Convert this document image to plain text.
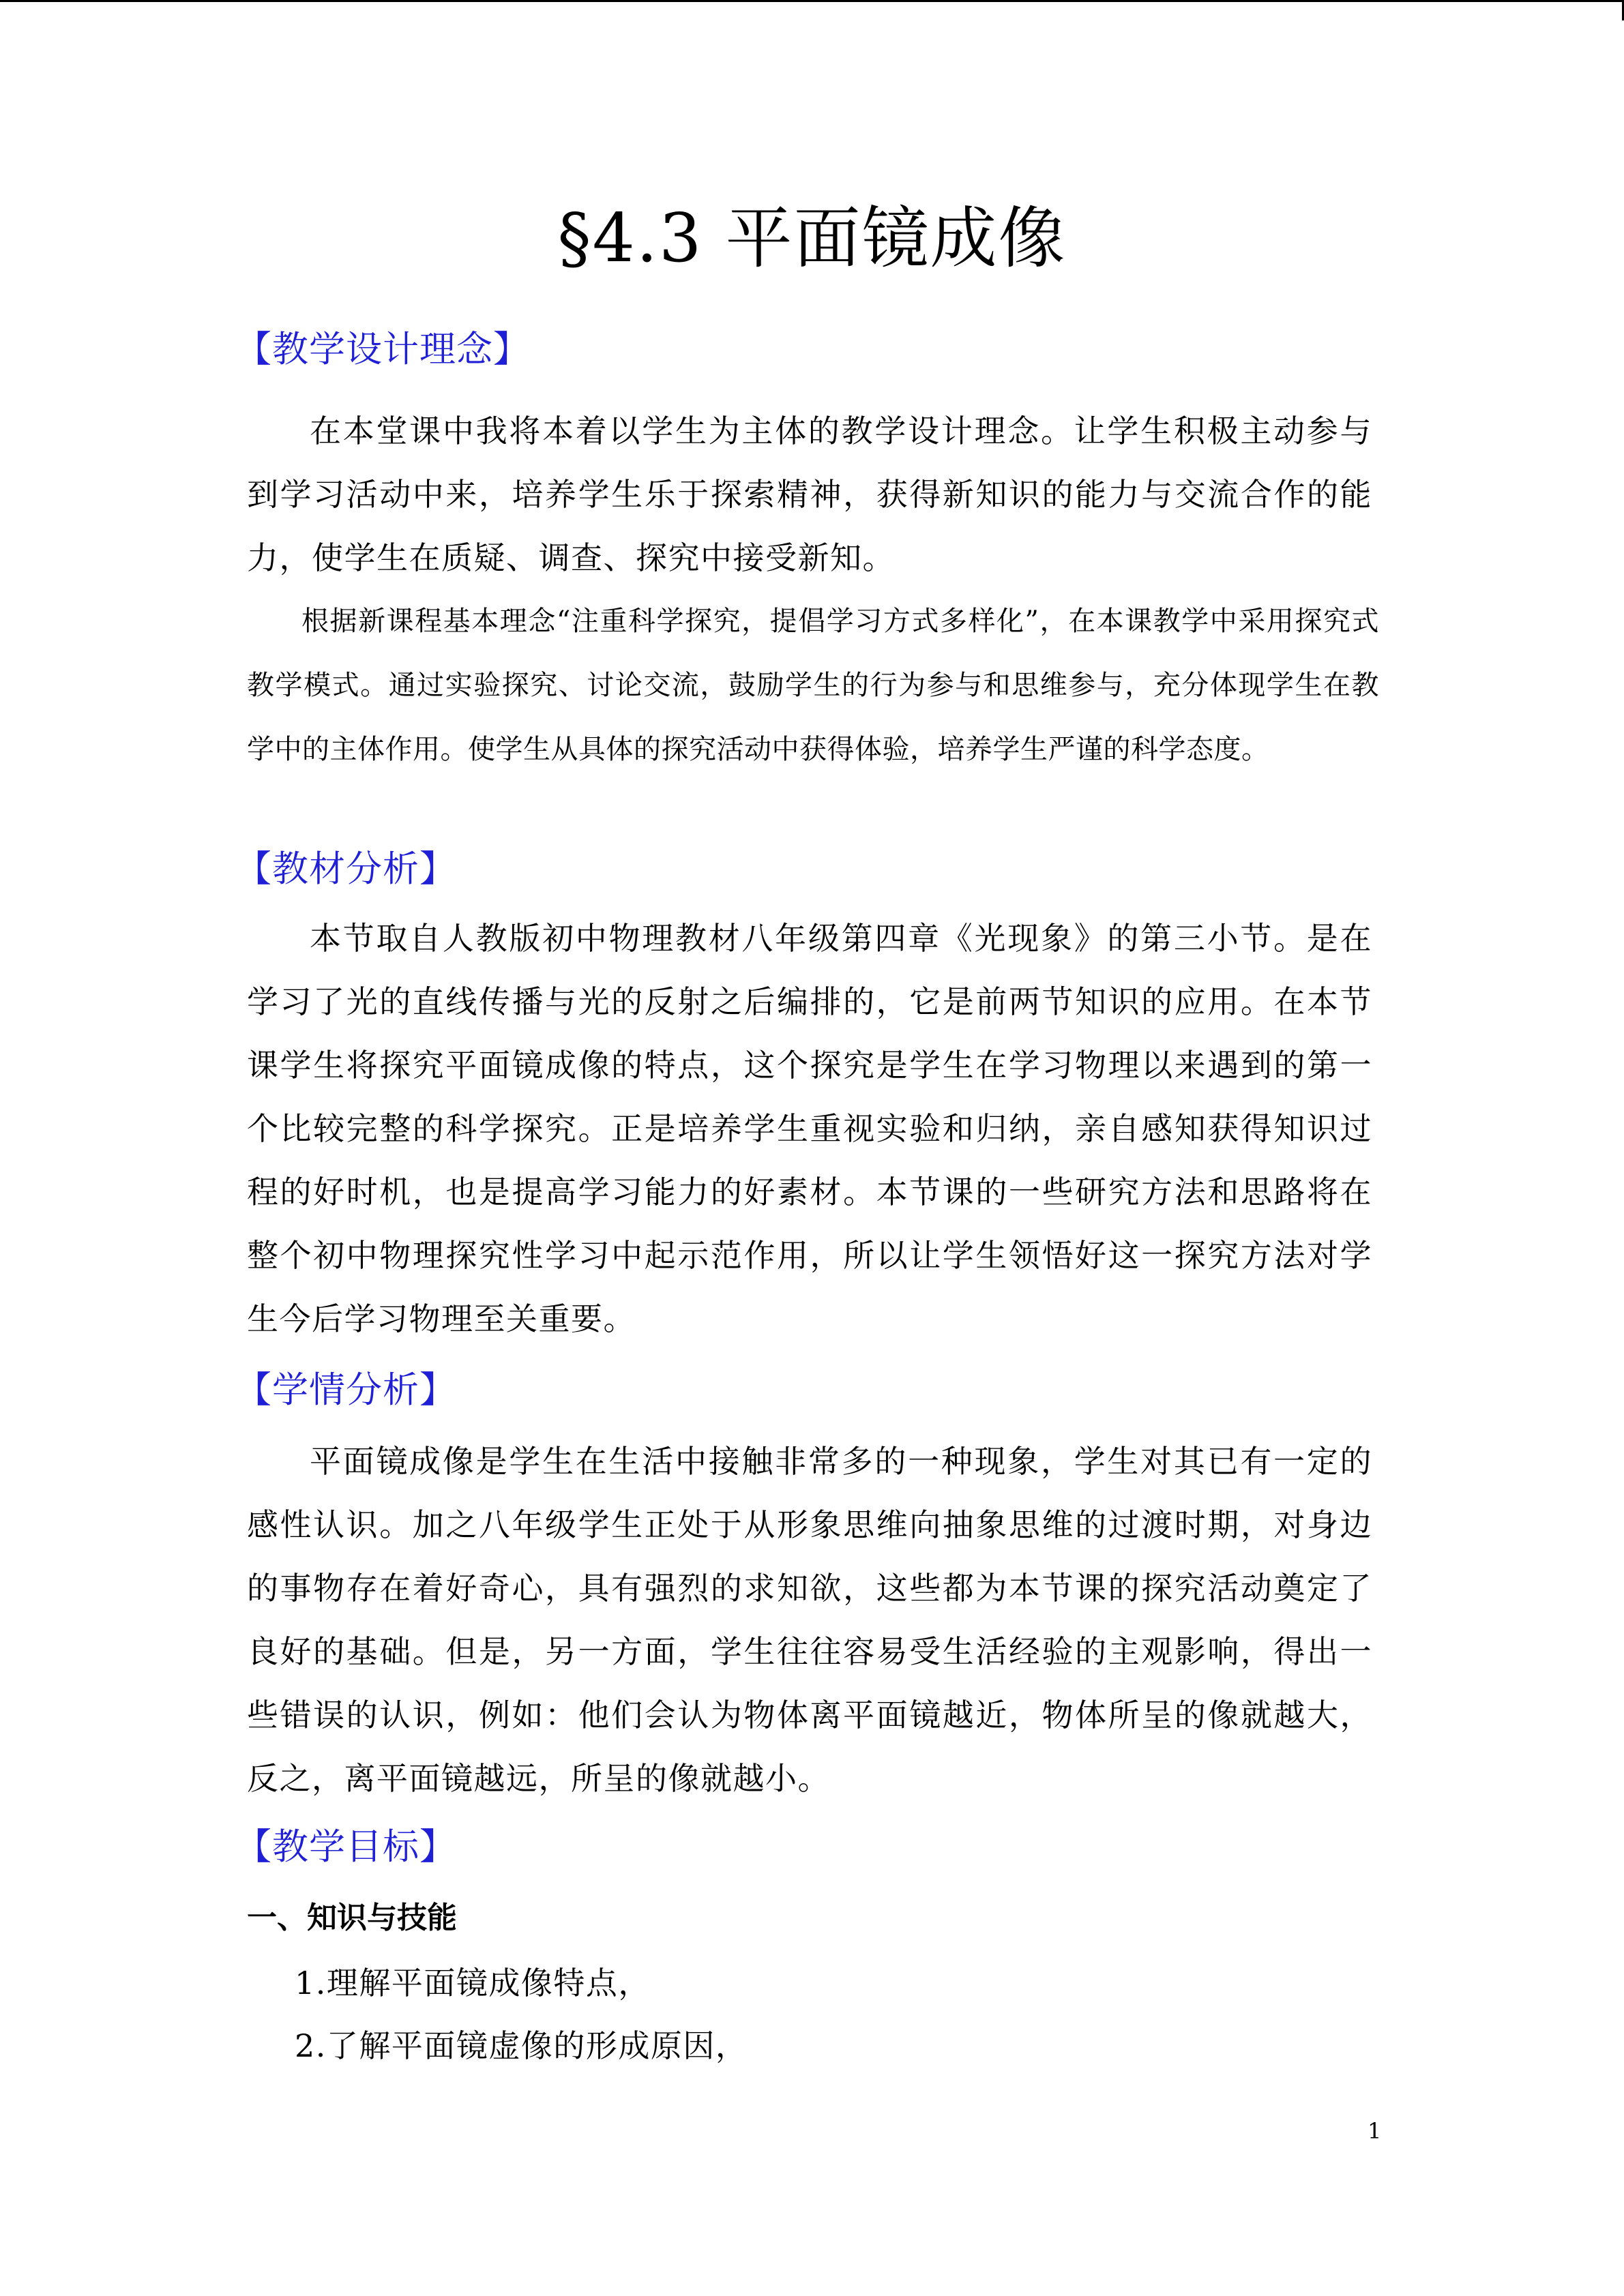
§4.3 平面镜成像
【教学设计理念】
在本堂课中我将本着以学生为主体的教学设计理念。让学生积极主动参与到学习活动中来，培养学生乐于探索精神，获得新知识的能力与交流合作的能力，使学生在质疑、调查、探究中接受新知。
根据新课程基本理念“注重科学探究，提倡学习方式多样化”，在本课教学中采用探究式教学模式。通过实验探究、讨论交流，鼓励学生的行为参与和思维参与，充分体现学生在教学中的主体作用。使学生从具体的探究活动中获得体验，培养学生严谨的科学态度。
【教材分析】
本节取自人教版初中物理教材八年级第四章《光现象》的第三小节。是在学习了光的直线传播与光的反射之后编排的，它是前两节知识的应用。在本节课学生将探究平面镜成像的特点，这个探究是学生在学习物理以来遇到的第一个比较完整的科学探究。正是培养学生重视实验和归纳，亲自感知获得知识过程的好时机，也是提高学习能力的好素材。本节课的一些研究方法和思路将在整个初中物理探究性学习中起示范作用，所以让学生领悟好这一探究方法对学生今后学习物理至关重要。
【学情分析】
平面镜成像是学生在生活中接触非常多的一种现象，学生对其已有一定的感性认识。加之八年级学生正处于从形象思维向抽象思维的过渡时期，对身边的事物存在着好奇心，具有强烈的求知欲，这些都为本节课的探究活动奠定了良好的基础。但是，另一方面，学生往往容易受生活经验的主观影响，得出一些错误的认识，例如：他们会认为物体离平面镜越近，物体所呈的像就越大，反之，离平面镜越远，所呈的像就越小。
【教学目标】
一、知识与技能
1.理解平面镜成像特点，
2.了解平面镜虚像的形成原因，
1
